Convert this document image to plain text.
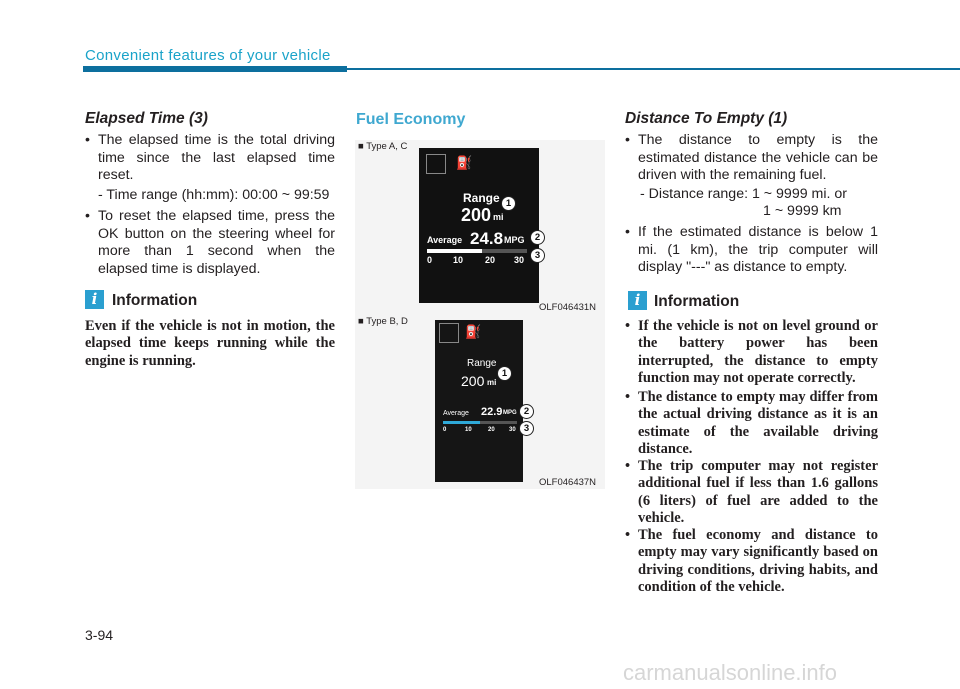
Convenient features of your vehicle
Elapsed Time (3)
• The elapsed time is the total driving time since the last elapsed time reset.
- Time range (hh:mm): 00:00 ~ 99:59
• To reset the elapsed time, press the OK button on the steering wheel for more than 1 second when the elapsed time is displayed.
i Information
Even if the vehicle is not in motion, the elapsed time keeps running while the engine is running.
Fuel Economy
■ Type A, C
⛽
Range
200 mi
Average 24.8 MPG
0 10 20 30
1
2
3
OLF046431N
■ Type B, D
⛽
Range
200 mi
Average 22.9 MPG
0	10	20 30
1
2
3
OLF046437N
Distance To Empty (1)
• The distance to empty is the estimated distance the vehicle can be driven with the remaining fuel.
- Distance range: 1 ~ 9999 mi. or
1 ~ 9999 km
• If the estimated distance is below 1 mi. (1 km), the trip computer will display "---" as distance to empty.
i Information
• If the vehicle is not on level ground or the battery power has been interrupted, the distance to empty function may not operate correctly.
• The distance to empty may differ from the actual driving distance as it is an estimate of the available driving distance.
• The trip computer may not register additional fuel if less than 1.6 gallons (6 liters) of fuel are added to the vehicle.
• The fuel economy and distance to empty may vary significantly based on driving conditions, driving habits, and condition of the vehicle.
3-94
carmanualsonline.info
